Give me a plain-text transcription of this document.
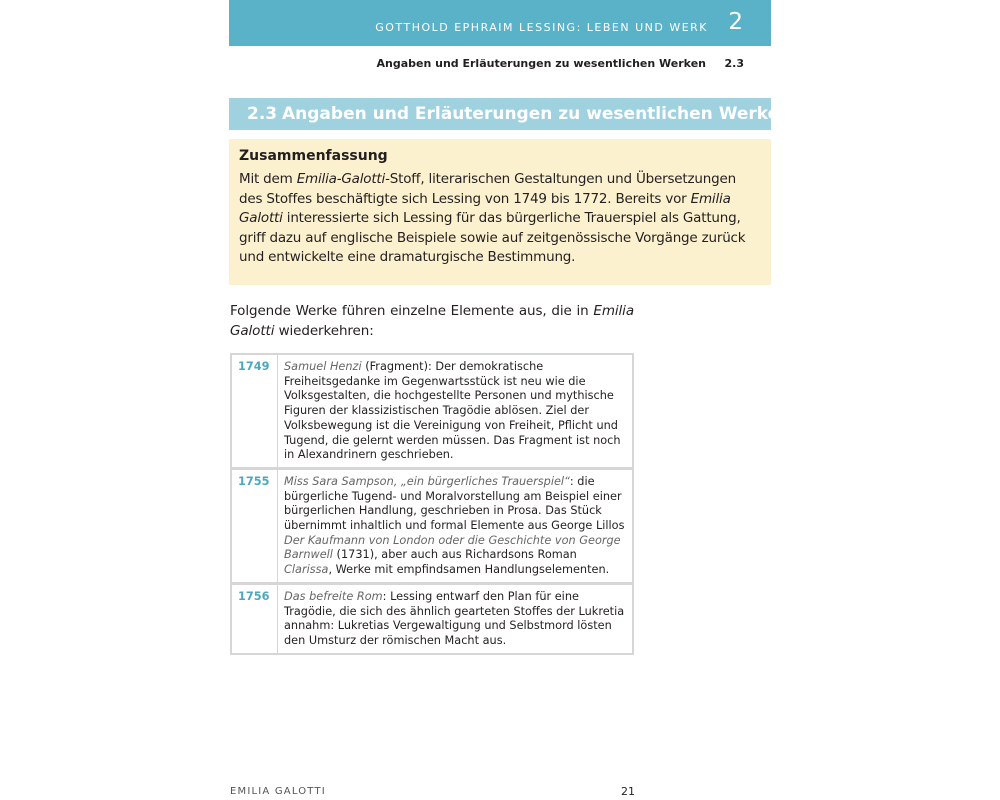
GOTTHOLD EPHRAIM LESSING: LEBEN UND WERK 2
Angaben und Erläuterungen zu wesentlichen Werken 2.3
2.3 Angaben und Erläuterungen zu wesentlichen Werken
Zusammenfassung
Mit dem Emilia-Galotti-Stoff, literarischen Gestaltungen und Übersetzungen des Stoffes beschäftigte sich Lessing von 1749 bis 1772. Bereits vor Emilia Galotti interessierte sich Lessing für das bürgerliche Trauerspiel als Gattung, griff dazu auf englische Beispiele sowie auf zeitgenössische Vorgänge zurück und entwickelte eine dramaturgische Bestimmung.
Folgende Werke führen einzelne Elemente aus, die in Emilia Galotti wiederkehren:
1749	Samuel Henzi (Fragment): Der demokratische Freiheitsgedanke im Gegenwartsstück ist neu wie die Volksgestalten, die hochgestellte Personen und mythische Figuren der klassizistischen Tragödie ablösen. Ziel der Volksbewegung ist die Vereinigung von Freiheit, Pflicht und Tugend, die gelernt werden müssen. Das Fragment ist noch in Alexandrinern geschrieben.
1755	Miss Sara Sampson, „ein bürgerliches Trauerspiel“: die bürgerliche Tugend- und Moralvorstellung am Beispiel einer bürgerlichen Handlung, geschrieben in Prosa. Das Stück übernimmt inhaltlich und formal Elemente aus George Lillos Der Kaufmann von London oder die Geschichte von George Barnwell (1731), aber auch aus Richardsons Roman Clarissa, Werke mit empfindsamen Handlungselementen.
1756	Das befreite Rom: Lessing entwarf den Plan für eine Tragödie, die sich des ähnlich gearteten Stoffes der Lukretia annahm: Lukretias Vergewaltigung und Selbstmord lösten den Umsturz der römischen Macht aus.
EMILIA GALOTTI	21
